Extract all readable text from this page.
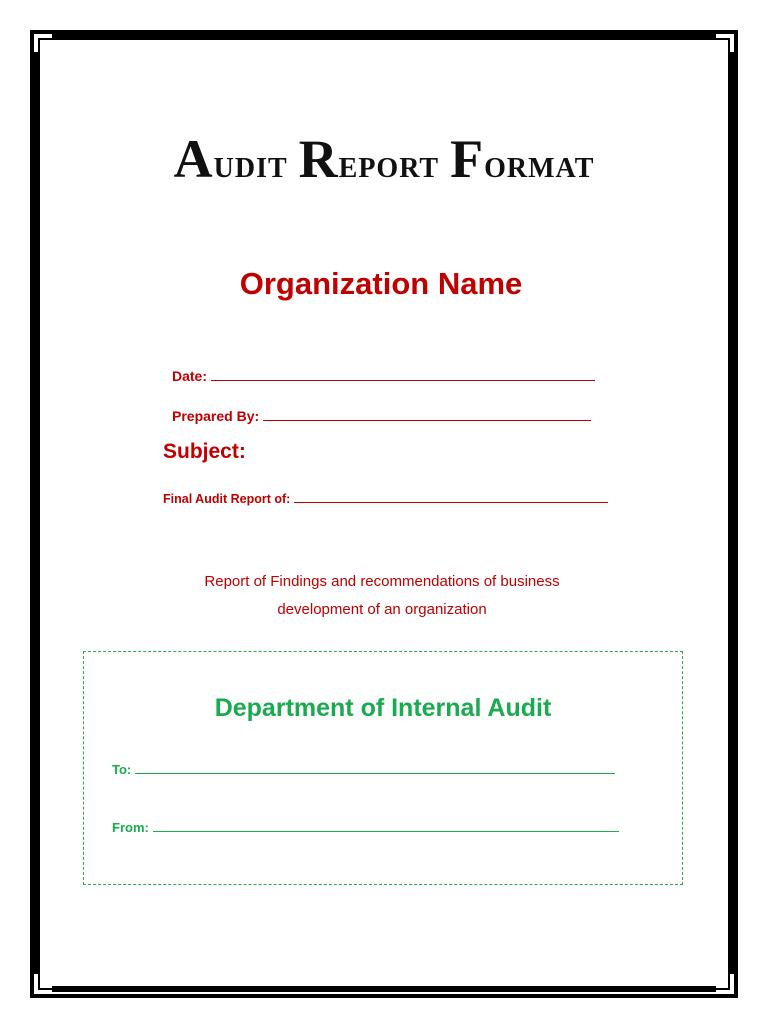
Audit Report Format
Organization Name
Date:
Prepared By:
Subject:
Final Audit Report of:
Report of Findings and recommendations of business
development of an organization
Department of Internal Audit
To:
From:
